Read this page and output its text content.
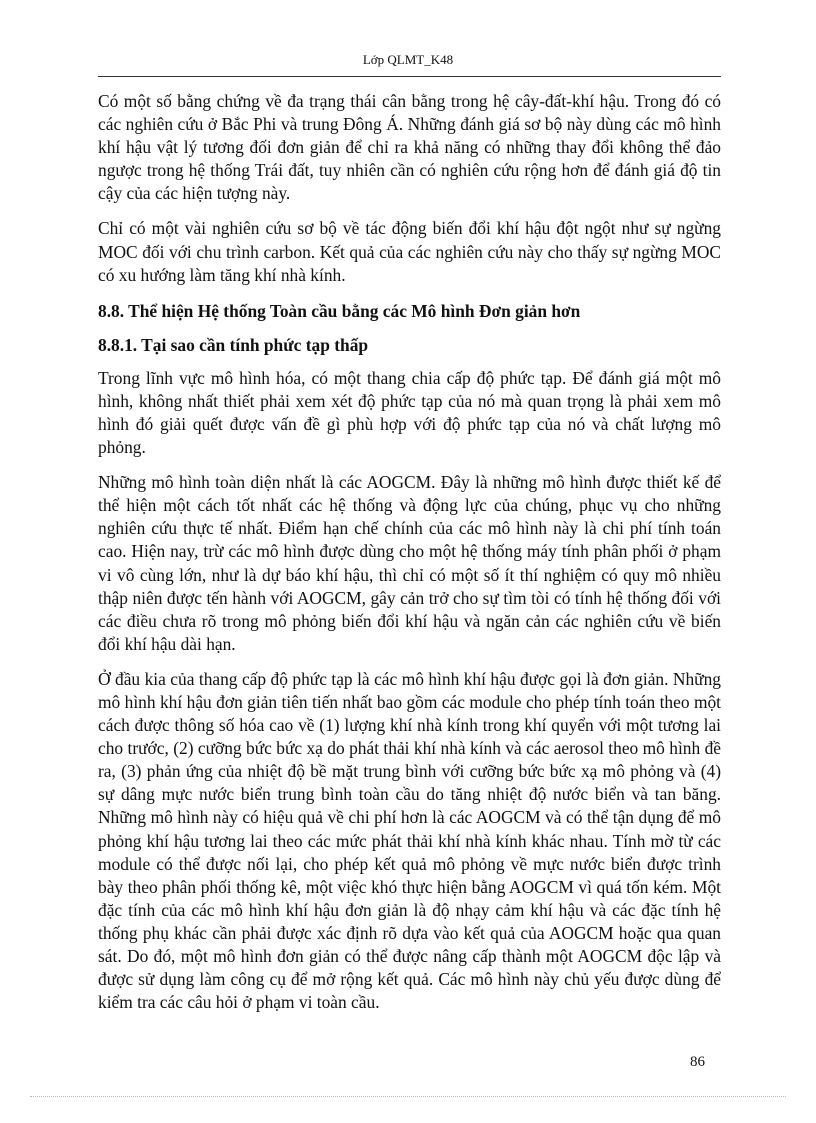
Lớp QLMT_K48

Có một số bằng chứng về đa trạng thái cân bằng trong hệ cây-đất-khí hậu. Trong đó có các nghiên cứu ở Bắc Phi và trung Đông Á. Những đánh giá sơ bộ này dùng các mô hình khí hậu vật lý tương đối đơn giản để chỉ ra khả năng có những thay đổi không thể đảo ngược trong hệ thống Trái đất, tuy nhiên cần có nghiên cứu rộng hơn để đánh giá độ tin cậy của các hiện tượng này.

Chỉ có một vài nghiên cứu sơ bộ về tác động biến đổi khí hậu đột ngột như sự ngừng MOC đối với chu trình carbon. Kết quả của các nghiên cứu này cho thấy sự ngừng MOC có xu hướng làm tăng khí nhà kính.

8.8. Thể hiện Hệ thống Toàn cầu bằng các Mô hình Đơn giản hơn

8.8.1. Tại sao cần tính phức tạp thấp

Trong lĩnh vực mô hình hóa, có một thang chia cấp độ phức tạp. Để đánh giá một mô hình, không nhất thiết phải xem xét độ phức tạp của nó mà quan trọng là phải xem mô hình đó giải quết được vấn đề gì phù hợp với độ phức tạp của nó và chất lượng mô phỏng.

Những mô hình toàn diện nhất là các AOGCM. Đây là những mô hình được thiết kế để thể hiện một cách tốt nhất các hệ thống và động lực của chúng, phục vụ cho những nghiên cứu thực tế nhất. Điểm hạn chế chính của các mô hình này là chi phí tính toán cao. Hiện nay, trừ các mô hình được dùng cho một hệ thống máy tính phân phối ở phạm vi vô cùng lớn, như là dự báo khí hậu, thì chỉ có một số ít thí nghiệm có quy mô nhiều thập niên được tến hành với AOGCM, gây cản trở cho sự tìm tòi có tính hệ thống đối với các điều chưa rõ trong mô phỏng biến đổi khí hậu và ngăn cản các nghiên cứu về biến đổi khí hậu dài hạn.

Ở đầu kia của thang cấp độ phức tạp là các mô hình khí hậu được gọi là đơn giản. Những mô hình khí hậu đơn giản tiên tiến nhất bao gồm các module cho phép tính toán theo một cách được thông số hóa cao về (1) lượng khí nhà kính trong khí quyển với một tương lai cho trước, (2) cưỡng bức bức xạ do phát thải khí nhà kính và các aerosol theo mô hình đề ra, (3) phản ứng của nhiệt độ bề mặt trung bình với cưỡng bức bức xạ mô phỏng và (4) sự dâng mực nước biển trung bình toàn cầu do tăng nhiệt độ nước biển và tan băng. Những mô hình này có hiệu quả về chi phí hơn là các AOGCM và có thể tận dụng để mô phỏng khí hậu tương lai theo các mức phát thải khí nhà kính khác nhau. Tính mờ từ các module có thể được nối lại, cho phép kết quả mô phỏng về mực nước biển được trình bày theo phân phối thống kê, một việc khó thực hiện bằng AOGCM vì quá tốn kém. Một đặc tính của các mô hình khí hậu đơn giản là độ nhạy cảm khí hậu và các đặc tính hệ thống phụ khác cần phải được xác định rõ dựa vào kết quả của AOGCM hoặc qua quan sát. Do đó, một mô hình đơn giản có thể được nâng cấp thành một AOGCM độc lập và được sử dụng làm công cụ để mở rộng kết quả. Các mô hình này chủ yếu được dùng để kiểm tra các câu hỏi ở phạm vi toàn cầu.

86
